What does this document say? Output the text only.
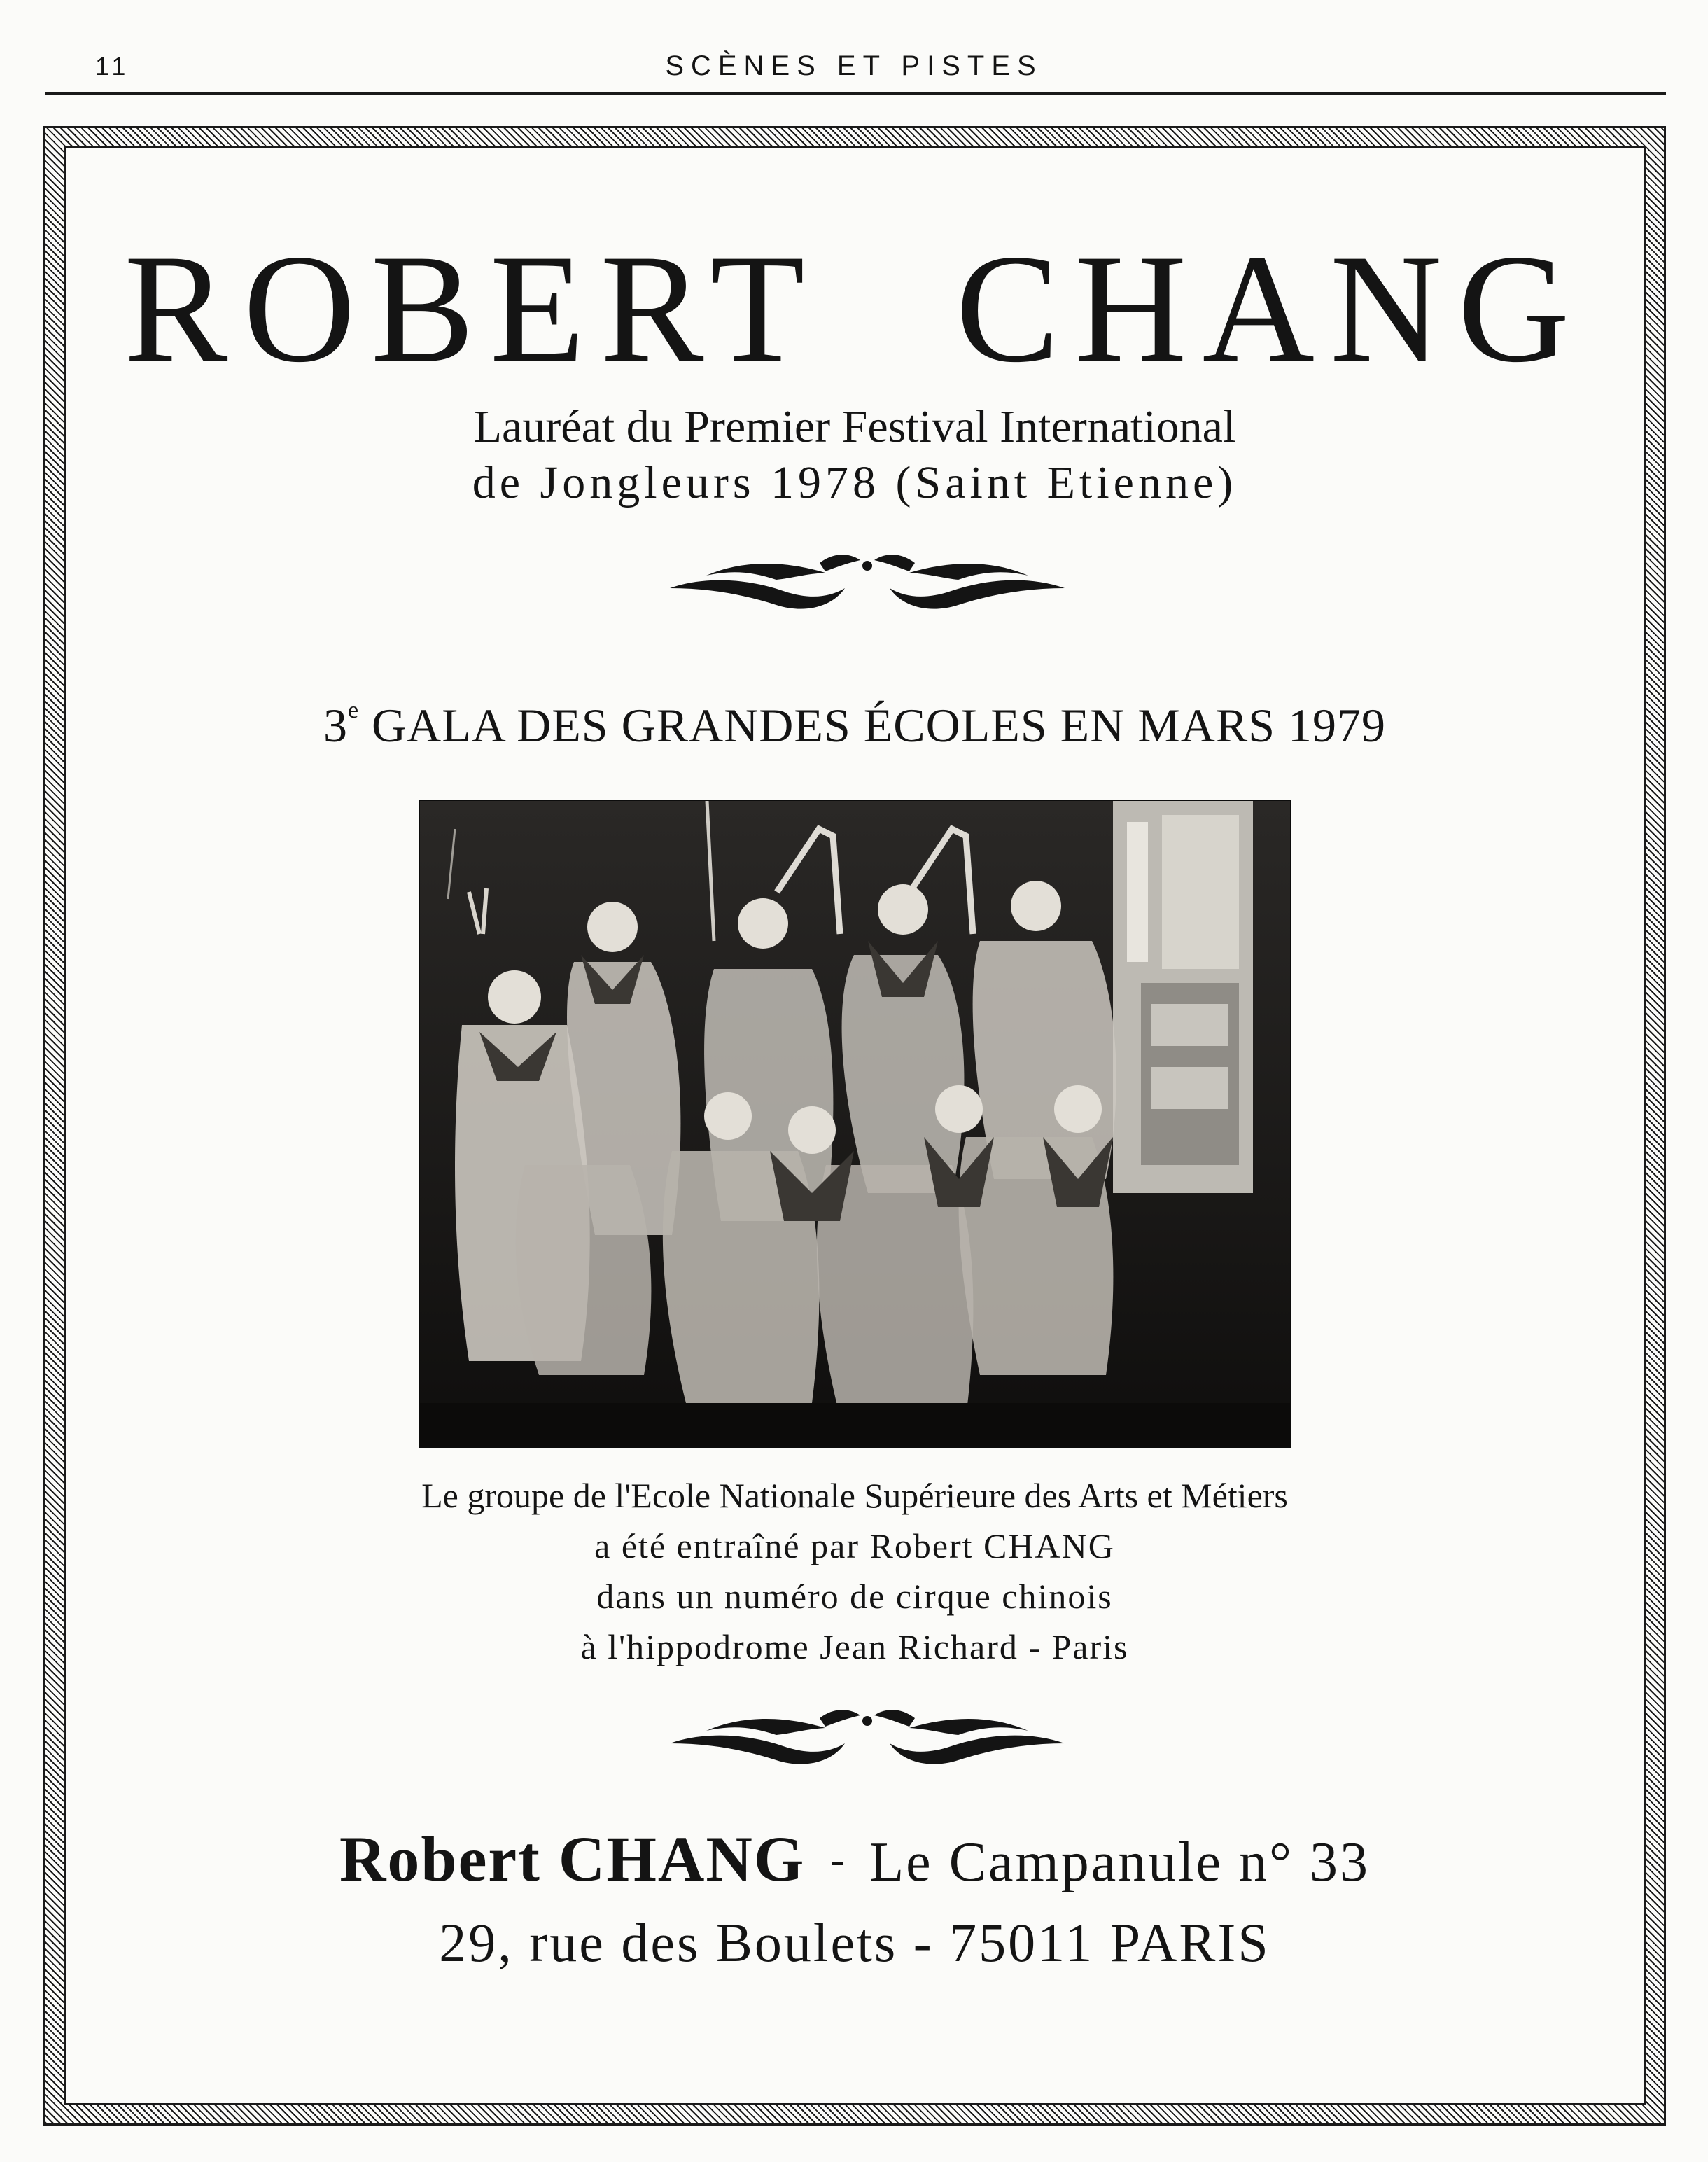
11	SCÈNES ET PISTES
ROBERT CHANG
Lauréat du Premier Festival International
de Jongleurs 1978 (Saint Etienne)
3e GALA DES GRANDES ÉCOLES EN MARS 1979
Le groupe de l'Ecole Nationale Supérieure des Arts et Métiers
a été entraîné par Robert CHANG
dans un numéro de cirque chinois
à l'hippodrome Jean Richard - Paris
Robert CHANG - Le Campanule n° 33
29, rue des Boulets - 75011 PARIS
